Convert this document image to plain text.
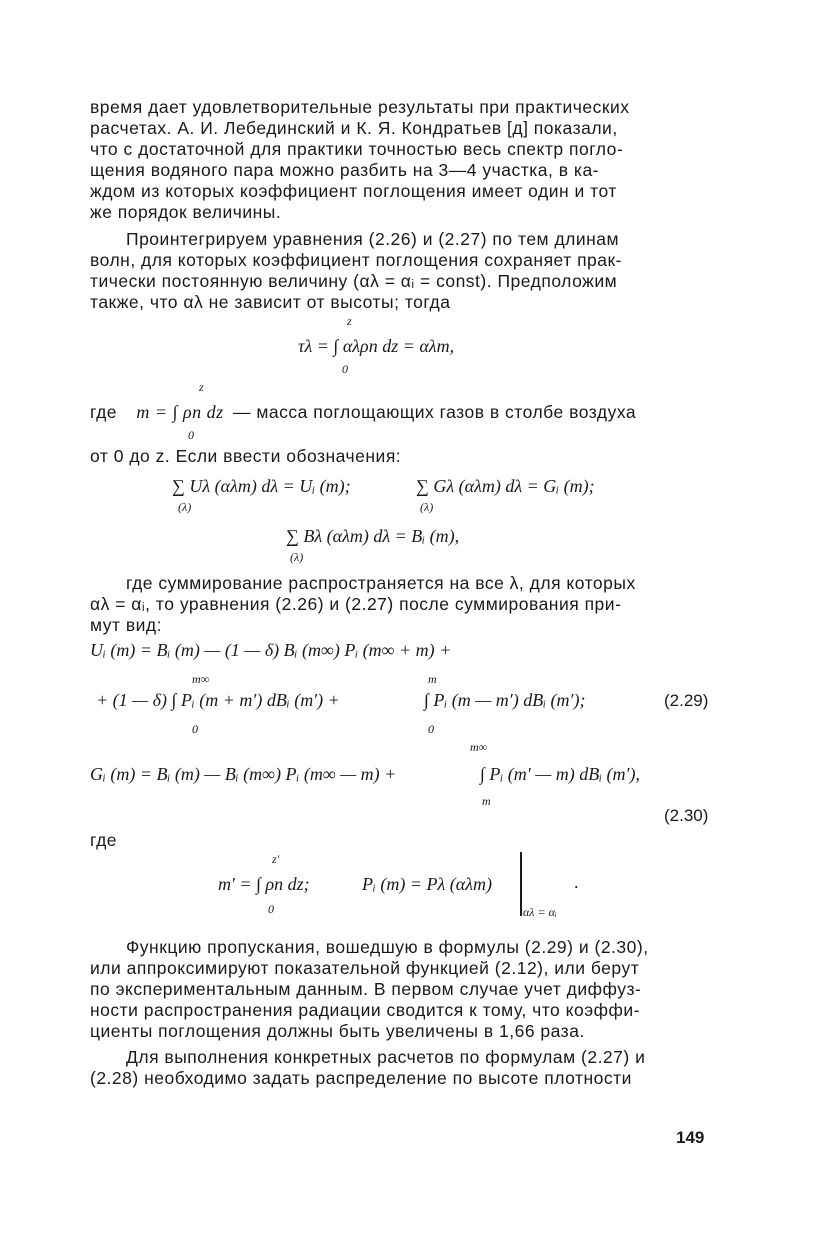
время дает удовлетворительные результаты при практических
расчетах. А. И. Лебединский и К. Я. Кондратьев [д] показали,
что с достаточной для практики точностью весь спектр погло-
щения водяного пара можно разбить на 3—4 участка, в ка-
ждом из которых коэффициент поглощения имеет один и тот
же порядок величины.
Проинтегрируем уравнения (2.26) и (2.27) по тем длинам
волн, для которых коэффициент поглощения сохраняет прак-
тически постоянную величину (αλ = αᵢ = const). Предположим
также, что αλ не зависит от высоты; тогда
z
τλ = ∫ αλρп dz = αλm,
0
z
где m = ∫ ρп dz — масса поглощающих газов в столбе воздуха
0
от 0 до z. Если ввести обозначения:
∑ Uλ (αλm) dλ = Uᵢ (m);
(λ)
∑ Gλ (αλm) dλ = Gᵢ (m);
(λ)
∑ Bλ (αλm) dλ = Bᵢ (m),
(λ)
где суммирование распространяется на все λ, для которых
αλ = αᵢ, то уравнения (2.26) и (2.27) после суммирования при-
мут вид:
Uᵢ (m) = Bᵢ (m) — (1 — δ) Bᵢ (m∞) Pᵢ (m∞ + m) +
m∞	m
+ (1 — δ) ∫ Pᵢ (m + m′) dBᵢ (m′) +	∫ Pᵢ (m — m′) dBᵢ (m′);	(2.29)
0	0
m∞
Gᵢ (m) = Bᵢ (m) — Bᵢ (m∞) Pᵢ (m∞ — m) +	∫ Pᵢ (m′ — m) dBᵢ (m′),
m
(2.30)
где
z′
m′ = ∫ ρп dz;
0
Pᵢ (m) = Pλ (αλm)	.
αλ = αᵢ
Функцию пропускания, вошедшую в формулы (2.29) и (2.30),
или аппроксимируют показательной функцией (2.12), или берут
по экспериментальным данным. В первом случае учет диффуз-
ности распространения радиации сводится к тому, что коэффи-
циенты поглощения должны быть увеличены в 1,66 раза.
Для выполнения конкретных расчетов по формулам (2.27) и
(2.28) необходимо задать распределение по высоте плотности
149
